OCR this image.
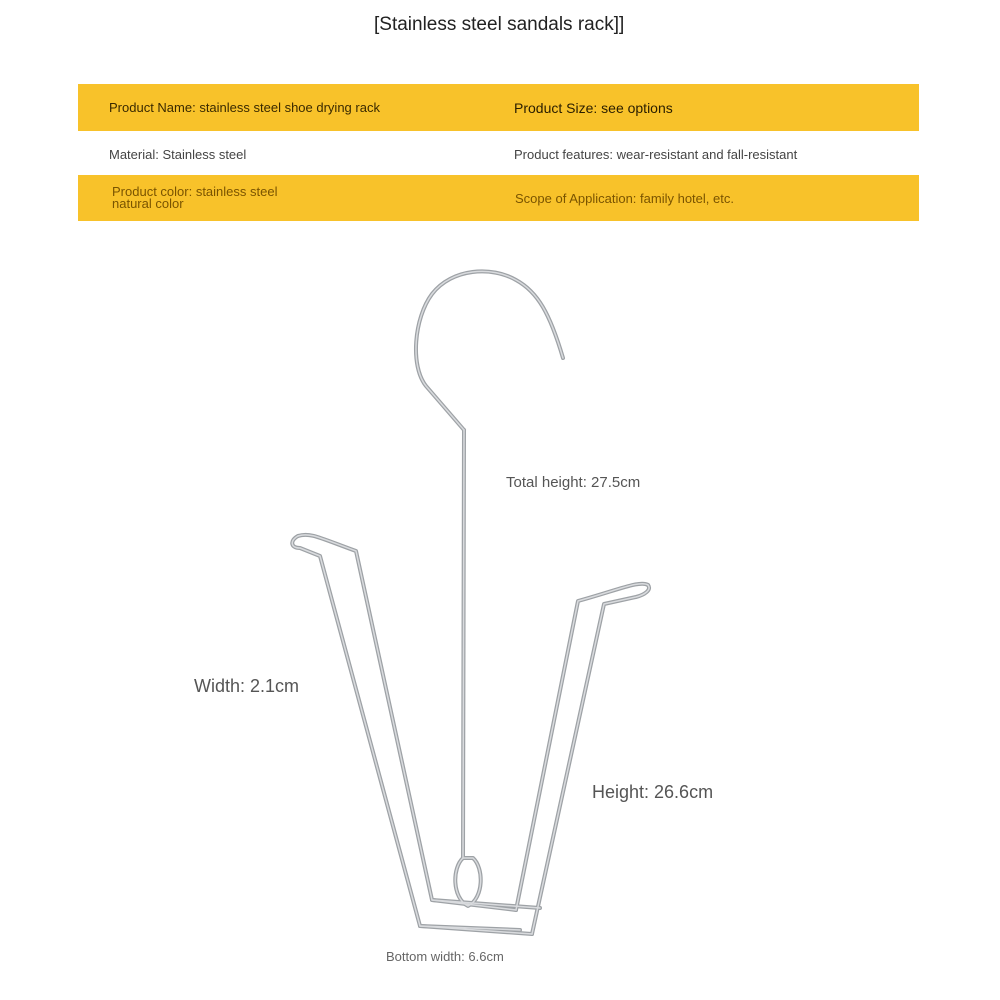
[Stainless steel sandals rack]]
Product Name: stainless steel shoe drying rack	Product Size: see options
Material: Stainless steel	Product features: wear-resistant and fall-resistant
Product color: stainless steel natural color	Scope of Application: family hotel, etc.
Total height: 27.5cm
Width: 2.1cm
Height: 26.6cm
Bottom width: 6.6cm
